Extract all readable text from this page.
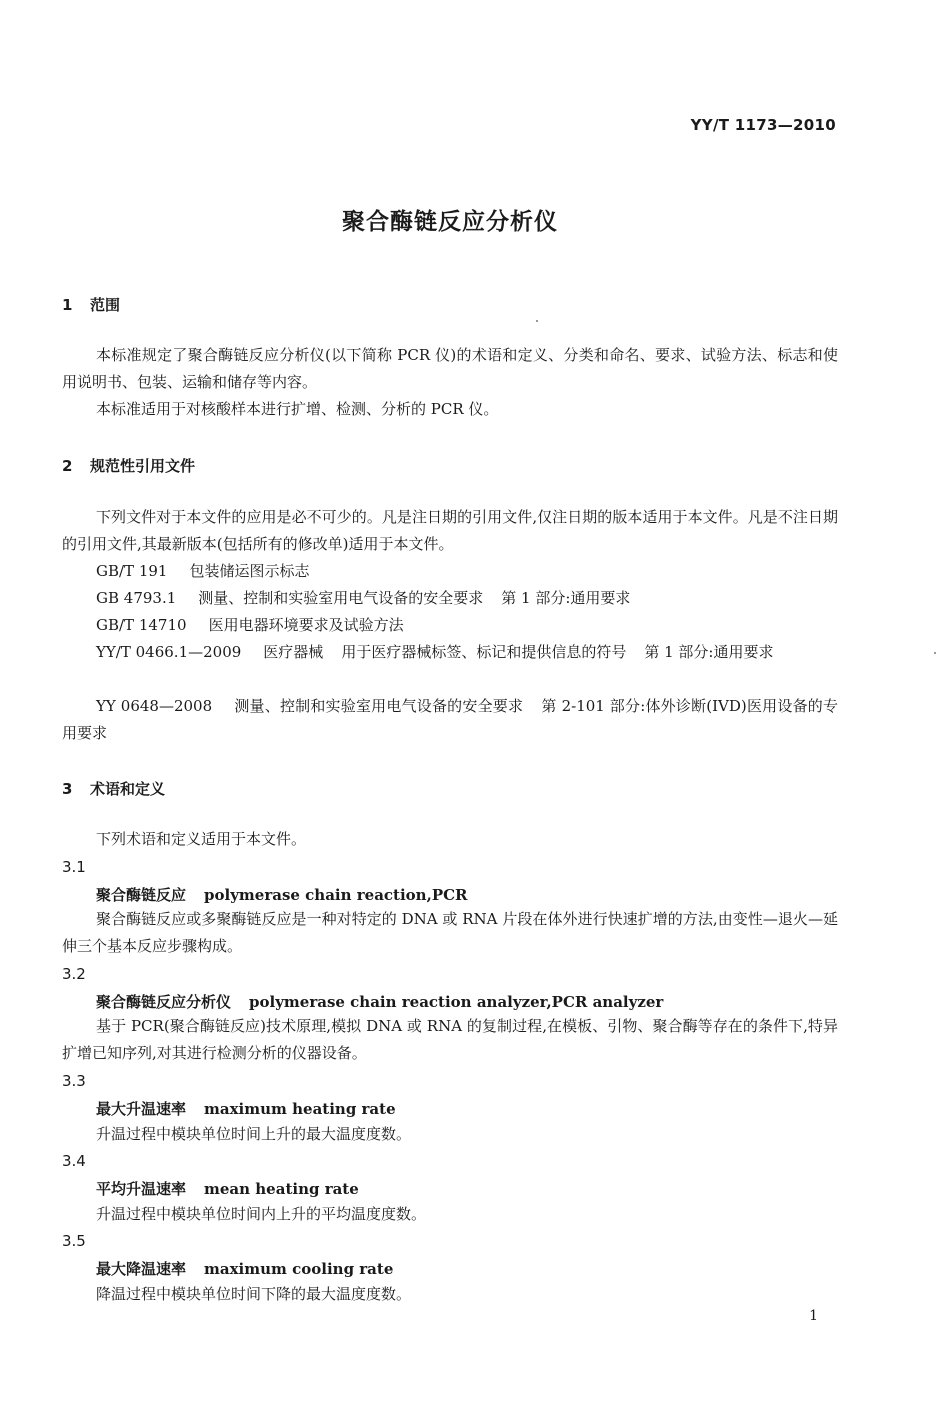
YY/T 1173—2010
聚合酶链反应分析仪
1 范围
本标准规定了聚合酶链反应分析仪(以下简称 PCR 仪)的术语和定义、分类和命名、要求、试验方法、标志和使用说明书、包装、运输和储存等内容。
本标准适用于对核酸样本进行扩增、检测、分析的 PCR 仪。
2 规范性引用文件
下列文件对于本文件的应用是必不可少的。凡是注日期的引用文件,仅注日期的版本适用于本文件。凡是不注日期的引用文件,其最新版本(包括所有的修改单)适用于本文件。
GB/T 191 包装储运图示标志
GB 4793.1 测量、控制和实验室用电气设备的安全要求 第 1 部分:通用要求
GB/T 14710 医用电器环境要求及试验方法
YY/T 0466.1—2009 医疗器械 用于医疗器械标签、标记和提供信息的符号 第 1 部分:通用要求
YY 0648—2008 测量、控制和实验室用电气设备的安全要求 第 2-101 部分:体外诊断(IVD)医用设备的专用要求
3 术语和定义
下列术语和定义适用于本文件。
3.1
聚合酶链反应 polymerase chain reaction,PCR
聚合酶链反应或多聚酶链反应是一种对特定的 DNA 或 RNA 片段在体外进行快速扩增的方法,由变性—退火—延伸三个基本反应步骤构成。
3.2
聚合酶链反应分析仪 polymerase chain reaction analyzer,PCR analyzer
基于 PCR(聚合酶链反应)技术原理,模拟 DNA 或 RNA 的复制过程,在模板、引物、聚合酶等存在的条件下,特异扩增已知序列,对其进行检测分析的仪器设备。
3.3
最大升温速率 maximum heating rate
升温过程中模块单位时间上升的最大温度度数。
3.4
平均升温速率 mean heating rate
升温过程中模块单位时间内上升的平均温度度数。
3.5
最大降温速率 maximum cooling rate
降温过程中模块单位时间下降的最大温度度数。
1
